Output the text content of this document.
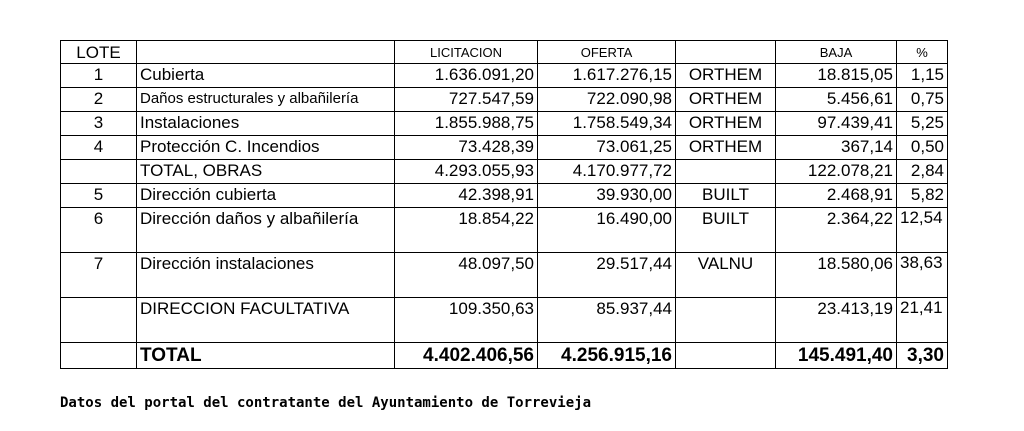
LOTE		LICITACION	OFERTA		BAJA	%
1	Cubierta	1.636.091,20	1.617.276,15	ORTHEM	18.815,05	1,15
2	Daños estructurales y albañilería	727.547,59	722.090,98	ORTHEM	5.456,61	0,75
3	Instalaciones	1.855.988,75	1.758.549,34	ORTHEM	97.439,41	5,25
4	Protección C. Incendios	73.428,39	73.061,25	ORTHEM	367,14	0,50
	TOTAL, OBRAS	4.293.055,93	4.170.977,72		122.078,21	2,84
5	Dirección cubierta	42.398,91	39.930,00	BUILT	2.468,91	5,82
6	Dirección daños y albañilería	18.854,22	16.490,00	BUILT	2.364,22	12,54
7	Dirección instalaciones	48.097,50	29.517,44	VALNU	18.580,06	38,63
	DIRECCION FACULTATIVA	109.350,63	85.937,44		23.413,19	21,41
	TOTAL	4.402.406,56	4.256.915,16		145.491,40	3,30
Datos del portal del contratante del Ayuntamiento de Torrevieja
